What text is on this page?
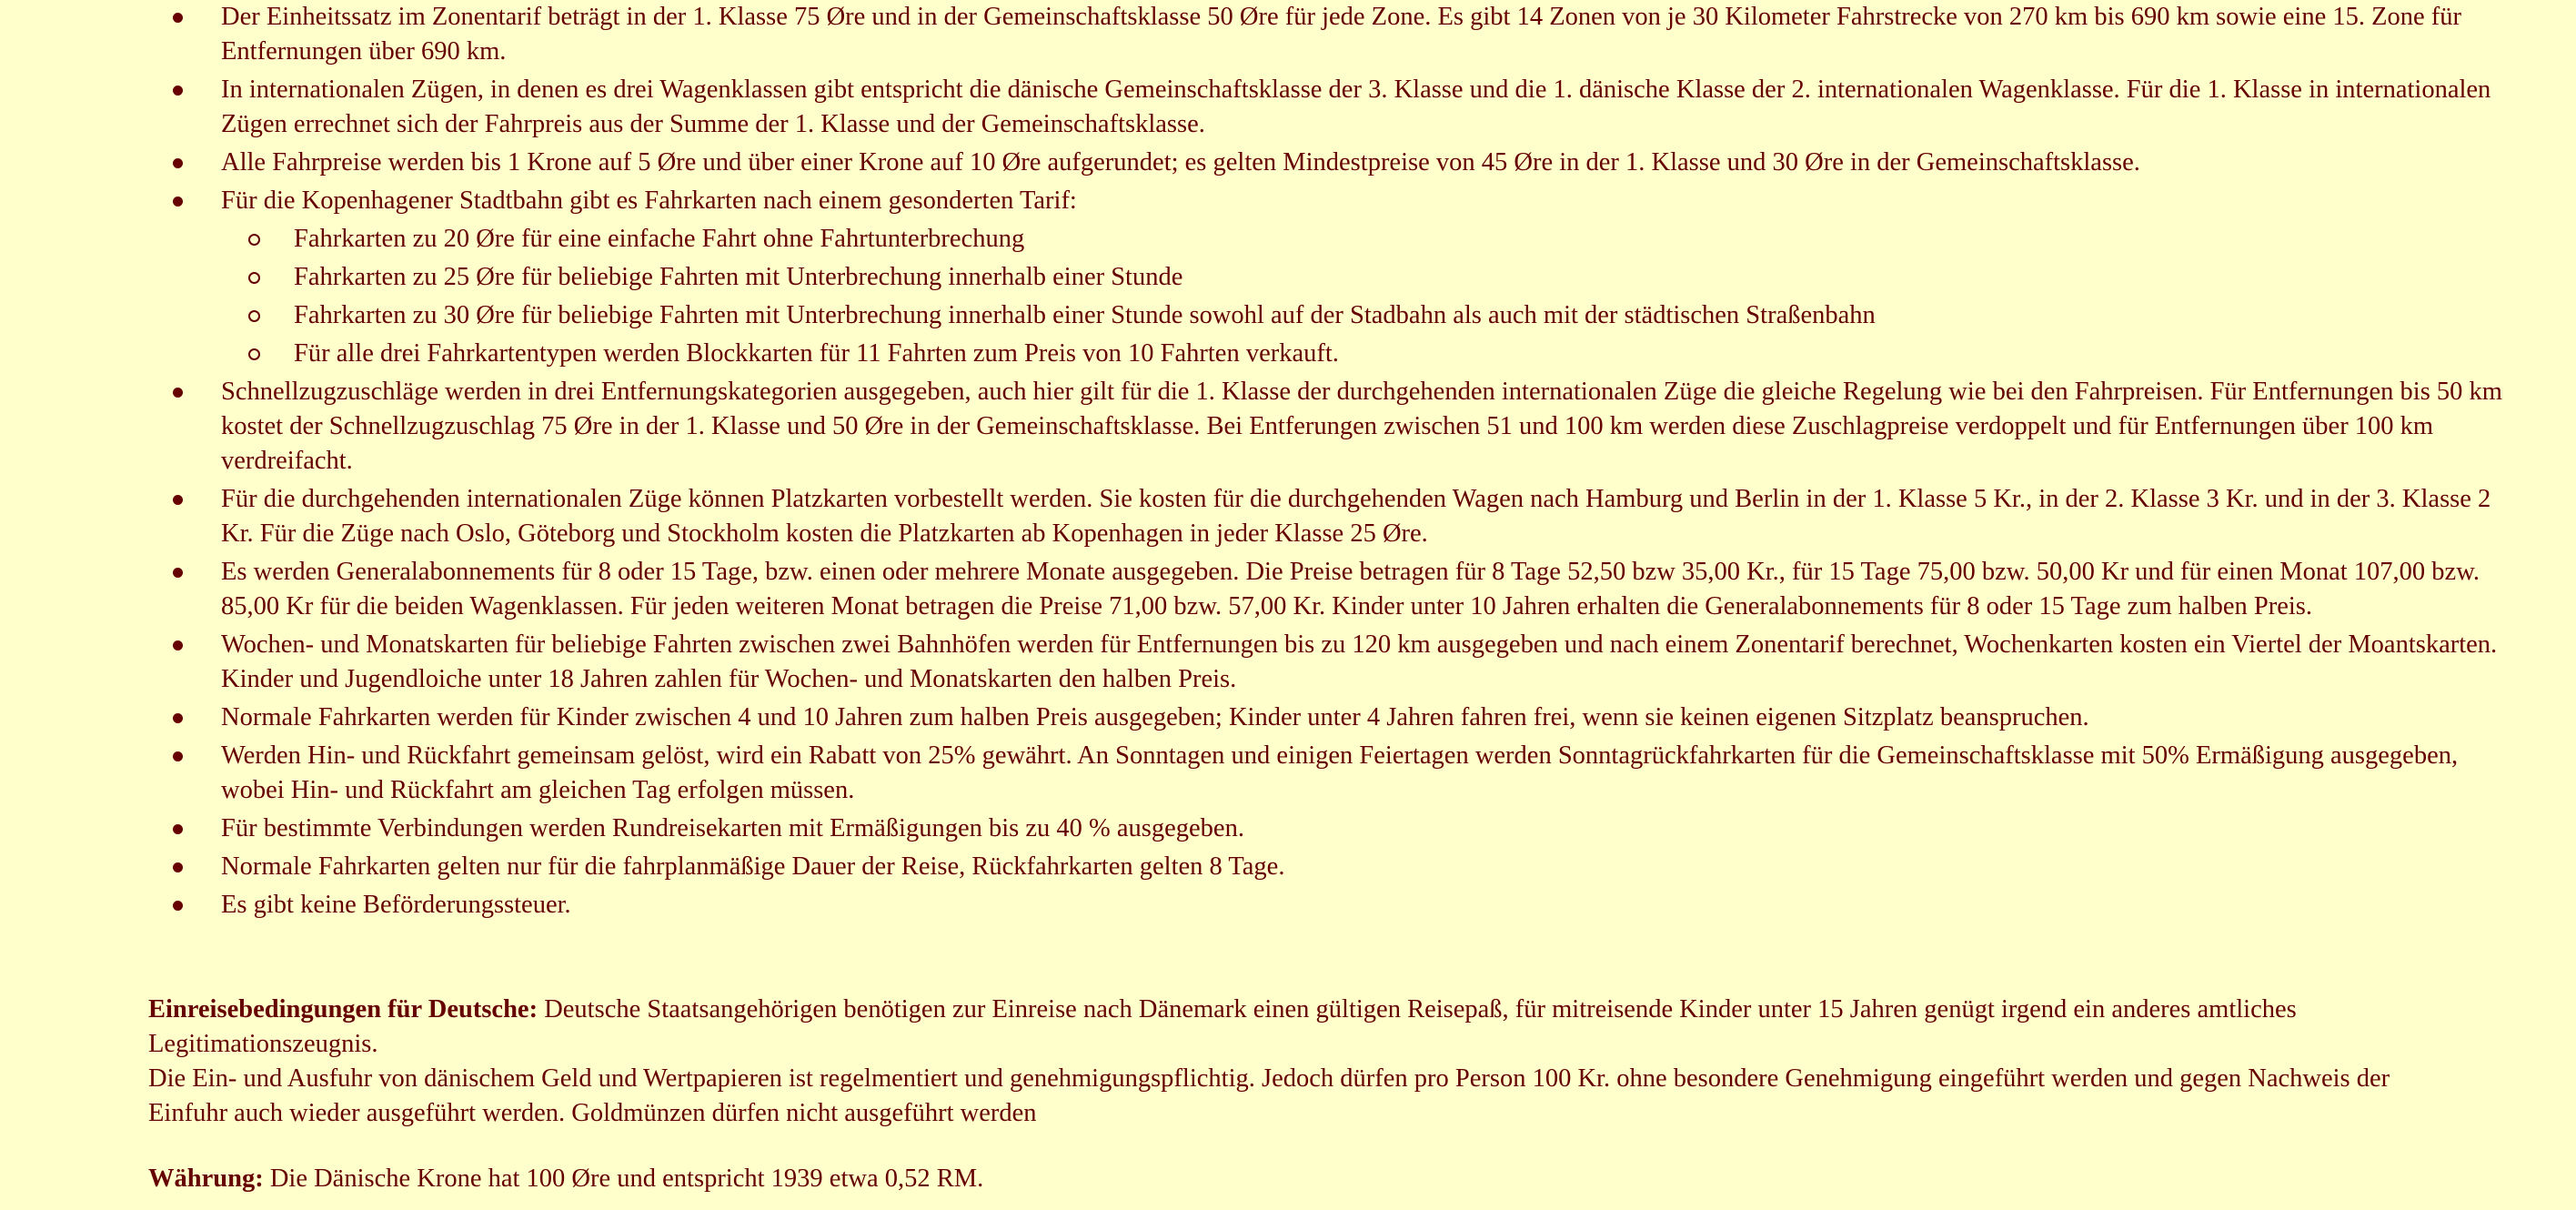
Der Einheitssatz im Zonentarif beträgt in der 1. Klasse 75 Øre und in der Gemeinschaftsklasse 50 Øre für jede Zone. Es gibt 14 Zonen von je 30 Kilometer Fahrstrecke von 270 km bis 690 km sowie eine 15. Zone für Entfernungen über 690 km.
In internationalen Zügen, in denen es drei Wagenklassen gibt entspricht die dänische Gemeinschaftsklasse der 3. Klasse und die 1. dänische Klasse der 2. internationalen Wagenklasse. Für die 1. Klasse in internationalen Zügen errechnet sich der Fahrpreis aus der Summe der 1. Klasse und der Gemeinschaftsklasse.
Alle Fahrpreise werden bis 1 Krone auf 5 Øre und über einer Krone auf 10 Øre aufgerundet; es gelten Mindestpreise von 45 Øre in der 1. Klasse und 30 Øre in der Gemeinschaftsklasse.
Für die Kopenhagener Stadtbahn gibt es Fahrkarten nach einem gesonderten Tarif:
Fahrkarten zu 20 Øre für eine einfache Fahrt ohne Fahrtunterbrechung
Fahrkarten zu 25 Øre für beliebige Fahrten mit Unterbrechung innerhalb einer Stunde
Fahrkarten zu 30 Øre für beliebige Fahrten mit Unterbrechung innerhalb einer Stunde sowohl auf der Stadbahn als auch mit der städtischen Straßenbahn
Für alle drei Fahrkartentypen werden Blockkarten für 11 Fahrten zum Preis von 10 Fahrten verkauft.
Schnellzugzuschläge werden in drei Entfernungskategorien ausgegeben, auch hier gilt für die 1. Klasse der durchgehenden internationalen Züge die gleiche Regelung wie bei den Fahrpreisen. Für Entfernungen bis 50 km kostet der Schnellzugzuschlag 75 Øre in der 1. Klasse und 50 Øre in der Gemeinschaftsklasse. Bei Entferungen zwischen 51 und 100 km werden diese Zuschlagpreise verdoppelt und für Entfernungen über 100 km verdreifacht.
Für die durchgehenden internationalen Züge können Platzkarten vorbestellt werden. Sie kosten für die durchgehenden Wagen nach Hamburg und Berlin in der 1. Klasse 5 Kr., in der 2. Klasse 3 Kr. und in der 3. Klasse 2 Kr. Für die Züge nach Oslo, Göteborg und Stockholm kosten die Platzkarten ab Kopenhagen in jeder Klasse 25 Øre.
Es werden Generalabonnements für 8 oder 15 Tage, bzw. einen oder mehrere Monate ausgegeben. Die Preise betragen für 8 Tage 52,50 bzw 35,00 Kr., für 15 Tage 75,00 bzw. 50,00 Kr und für einen Monat 107,00 bzw. 85,00 Kr für die beiden Wagenklassen. Für jeden weiteren Monat betragen die Preise 71,00 bzw. 57,00 Kr. Kinder unter 10 Jahren erhalten die Generalabonnements für 8 oder 15 Tage zum halben Preis.
Wochen- und Monatskarten für beliebige Fahrten zwischen zwei Bahnhöfen werden für Entfernungen bis zu 120 km ausgegeben und nach einem Zonentarif berechnet, Wochenkarten kosten ein Viertel der Moantskarten. Kinder und Jugendloiche unter 18 Jahren zahlen für Wochen- und Monatskarten den halben Preis.
Normale Fahrkarten werden für Kinder zwischen 4 und 10 Jahren zum halben Preis ausgegeben; Kinder unter 4 Jahren fahren frei, wenn sie keinen eigenen Sitzplatz beanspruchen.
Werden Hin- und Rückfahrt gemeinsam gelöst, wird ein Rabatt von 25% gewährt. An Sonntagen und einigen Feiertagen werden Sonntagrückfahrkarten für die Gemeinschaftsklasse mit 50% Ermäßigung ausgegeben, wobei Hin- und Rückfahrt am gleichen Tag erfolgen müssen.
Für bestimmte Verbindungen werden Rundreisekarten mit Ermäßigungen bis zu 40 % ausgegeben.
Normale Fahrkarten gelten nur für die fahrplanmäßige Dauer der Reise, Rückfahrkarten gelten 8 Tage.
Es gibt keine Beförderungssteuer.

Einreisebedingungen für Deutsche: Deutsche Staatsangehörigen benötigen zur Einreise nach Dänemark einen gültigen Reisepaß, für mitreisende Kinder unter 15 Jahren genügt irgend ein anderes amtliches Legitimationszeugnis.
Die Ein- und Ausfuhr von dänischem Geld und Wertpapieren ist regelmentiert und genehmigungspflichtig. Jedoch dürfen pro Person 100 Kr. ohne besondere Genehmigung eingeführt werden und gegen Nachweis der Einfuhr auch wieder ausgeführt werden. Goldmünzen dürfen nicht ausgeführt werden

Währung: Die Dänische Krone hat 100 Øre und entspricht 1939 etwa 0,52 RM.
